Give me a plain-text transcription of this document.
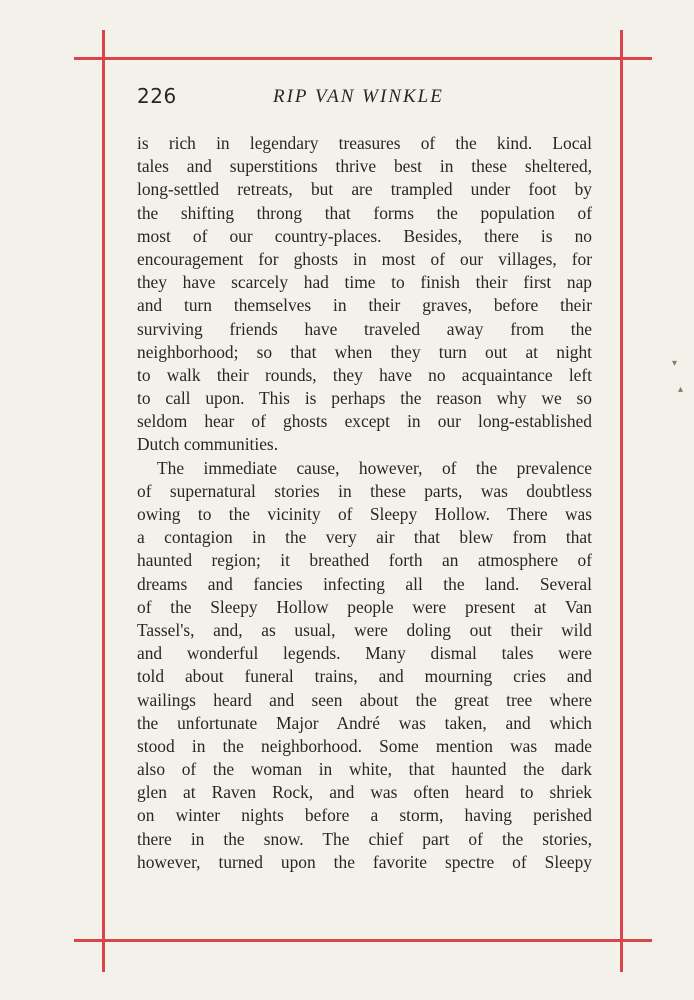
226	RIP VAN WINKLE
is rich in legendary treasures of the kind. Local
tales and superstitions thrive best in these sheltered,
long-settled retreats, but are trampled under foot by
the shifting throng that forms the population of
most of our country-places. Besides, there is no
encouragement for ghosts in most of our villages, for
they have scarcely had time to finish their first nap
and turn themselves in their graves, before their
surviving friends have traveled away from the
neighborhood; so that when they turn out at night
to walk their rounds, they have no acquaintance left
to call upon. This is perhaps the reason why we so
seldom hear of ghosts except in our long-established
Dutch communities.
The immediate cause, however, of the prevalence
of supernatural stories in these parts, was doubtless
owing to the vicinity of Sleepy Hollow. There was
a contagion in the very air that blew from that
haunted region; it breathed forth an atmosphere of
dreams and fancies infecting all the land. Several
of the Sleepy Hollow people were present at Van
Tassel's, and, as usual, were doling out their wild
and wonderful legends. Many dismal tales were
told about funeral trains, and mourning cries and
wailings heard and seen about the great tree where
the unfortunate Major André was taken, and which
stood in the neighborhood. Some mention was made
also of the woman in white, that haunted the dark
glen at Raven Rock, and was often heard to shriek
on winter nights before a storm, having perished
there in the snow. The chief part of the stories,
however, turned upon the favorite spectre of Sleepy
▾
▴
